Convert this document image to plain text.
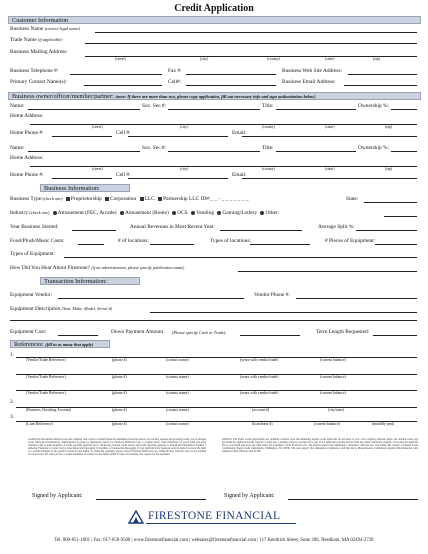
Credit Application
Customer Information
Business Name (correct legal name)
Trade Name (if applicable)
Business Mailing Address:
(street)	(city)	(county)	(state)	(zip)
Business Telephone #:	Fax #:	Business Web Site Address:
Primary Contact Name(s):	Cell#:	Business Email Address:
Business owner/officer/member/partner: (note: If there are more than two, please copy application, fill out necessary info and sign authorization below)
Name:	Soc. Sec.#:	Title:	Ownership %:
Home Address:
(street)	(city)	(county)	(state)	(zip)
Home Phone #:	Cell #:	Email:
Name:	Soc. Sec.#:	Title:	Ownership %:
Home Address:
(street)	(city)	(county)	(state)	(zip)
Home Phone #:	Cell #:	Email:
Business Information:
Business Type:(check one) Proprietorship Corporation LLC Partnership LLC ID#:_ _ - _ _ _ _ _ _ _	State:
Industry:(check one) Amusement (FEC, Arcade) Amusement (Route) OCS Vending Gaming/Lottery Other:
Year Business Started:	Annual Revenues in Most Recent Year:	Average Split %:
Food/Plush/Music Costs:	# of locations:	Types of locations:	# Pieces of Equipment:
Types of Equipment:
How Did You Hear About Firestone? (if an advertisement, please specify publication name)
Transaction Information:
Equipment Vendor:	Vendor Phone #:
Equipment Description (Year, Make, Model, Serial #)
Equipment Cost:	Down Payment Amount (Please specify Cash or Trade):	Term Length Requested:
References: (fill in as many that apply)
1.
(Vendor/Trade Reference)	(phone #)	(contact name)	(years with vendor/trade)	(current balance)
(Vendor/Trade Reference)	(phone #)	(contact name)	(years with vendor/trade)	(current balance)
(Vendor/Trade Reference)	(phone #)	(contact name)	(years with vendor/trade)	(current balance)
2.
(Business Checking Account)	(phone #)	(contact name)	(account #)	(city/state)
3.
(Loan Reference)	(phone #)	(contact name)	(loan/lease #)	(current balance)	(monthly pmt)
I submit the information herein is true and complete, and I agree to furnish financial statements (firestone reviews on you may request) and promptly notify you of changes in my financial circumstances. Authorization is given by signature(s) below for Firestone Financial Corp. to request direct credit experience of above bank and trade references and to make inquiries of credit reporting agencies and to obtain my personal credit reports and credit reporting agencies to furnish this information. Further, I authorize Firestone to contact me for sales/phone/text messaging by landline or wireless/text messaging. If your application for business credit is denied you have the right to a written statement of the specific reasons for the denial. To obtain the statement, please contact Firestone Financial Corp. within 60 days from the date you are notified of our decision. We will send you a written statement of reasons for the denial within 30 days of receiving your request for the statement.
NOTICE: The Equal Credit Opportunity Act prohibits creditors from discriminating against credit applicants on the basis of race, color, religion, national origin, sex, marital status, age (provided the applicant has the capacity to enter into a binding contract); because all or part of the applicant's income derives from any public assistance program; or because the applicant has in good faith exercised any right under the Consumer Credit Protection Act. The federal agency that administers compliance with this law concerning this creditor is Federal Trade Commission, Equal Credit Opportunity, Washington, DC 20580. The state agency that administers compliance with this law is Massachusetts Commission Against Discrimination, One Ashburton Place, Boston, MA 02108.
Signed by Applicant:	Signed by Applicant:
FIRESTONE FINANCIAL
Tel. 800-851-1001 | Fax: 617-658-9500 | www.firestonefinancial.com | websales@firestonefinancial.com | 117 Kendrick Street, Suite 200, Needham, MA 02494-2728
